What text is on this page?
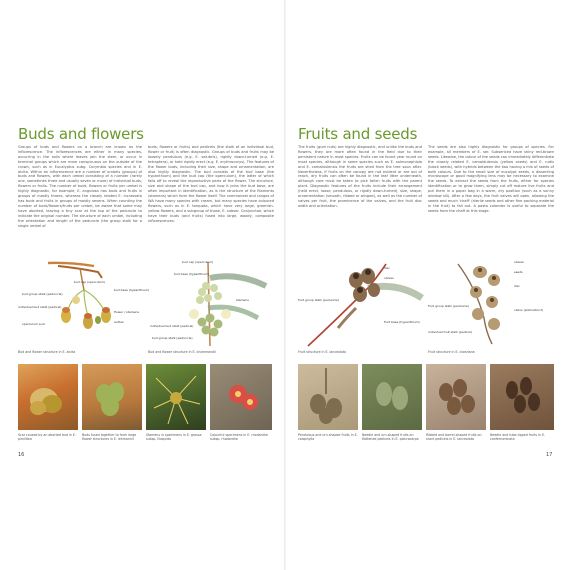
Buds and flowers
Groups of buds and flowers on a branch are known as the inflorescence. The inflorescences are either in many species, occurring in the axils where leaves join the stem, or occur in terminal groups which are more conspicuous on the outside of the crown, such as in Eucalyptus subg. Corymbia species and in E. alcita. Within an inflorescence are a number of umbels (groups) of buds and flowers, with each umbel consisting of a number (rarely one, sometimes three and usually seven or more) of individual buds, flowers or fruits. The number of buds, flowers or fruits per umbel is highly diagnostic, for example, E. angulosa has buds and fruits in groups of mostly threes, whereas the closely related E. incrassata has buds and fruits in groups of mostly sevens. When counting the number of buds/flowers/fruits per umbel, be aware that some may have aborted, leaving a tiny scar at the top of the peduncle to indicate the original number. The structure of each umbel, including the orientation and length of the peduncle (the group stalk for a single umbel of
buds, flowers or fruits) and pedicels (the stalk of an individual bud, flower or fruit) is often diagnostic. Groups of buds and fruits may be loosely pendulous (e.g. E. salubris), rigidly down-turned (e.g. E. tetraptera), or held rigidly erect (e.g. E. erythrocorys). The features of the flower buds, including their size, shape and ornamentation, are also highly diagnostic. The bud consists of the bud base (the hypanthium) and the bud cap (the operculum), the latter of which falls off to reveal the reproductive parts of the flower. The structure, size and shape of the bud cap, and how it joins the bud base, are often important in identification, as is the structure of the filaments (stamens) which form the flower itself. The commonest and ranges of WA have many species with cream, but many species have coloured flowers, such as in E. torquata, which have very large, greenish-yellow flowers, and a subgroup of those, E. subser. Conjunctae, which have their buds (and fruits) fused into large, woody, composite inflorescences.
bud cap (operculum)
bud group stalk (peduncle)
individual bud stalk (pedicel)
operculum scar
bud base (hypanthium)
flower / stamens
anther
Bud and flower structure in E. alcita
bud cap (operculum)
bud base (hypanthium)
stamens
individual bud stalk (pedicel)
bud group stalk (peduncle)
Bud and flower structure in E. drummondii
Scar caused by an aborted bud in E. pimilitea
Buds fused together to form large flower structures in E. lehmannii
Stamens in specimens in E. grossa subsp. illaquida
Colourful specimens in E. rhodanthe subsp. rhodanthe
16
Fruits and seeds
The fruits (gum nuts) are highly diagnostic, and unlike the buds and flowers, they are more often found in the field due to their persistent nature in most species. Fruits can be found year round on most species, although in some species such as E. salmonophloia and E. camaldulensis the fruits are shed from the tree soon after. Nevertheless, if fruits on the canopy are not evident or are out of reach, dry fruits can often be found in the leaf litter underneath, although care must be taken to pick fallen fruits with the parent plant. Diagnostic features of the fruits include their arrangement (held erect, loose, pendulous, or rigidly down-turned), size, shape, ornamentation (smooth, ribbed or winged), as well as the number of valves per fruit, the prominence of the valves, and the fruit disc width and orientation.
The seeds are also highly diagnostic for groups of species. For example, all members of E. ser. Subsericea have shiny red-brown seeds. Likewise, the colour of the seeds can immediately differentiate the closely related E. camaldulensis (yellow seeds) and E. rudis (black seeds), with hybrids between the two having a mix of seeds of both colours. Due to the small size of eucalypt seeds, a dissecting microscope or good magnifying lens may be necessary to examine the seeds. To extract the seeds from the fruits, either for species identification or to grow them, simply cut off mature live fruits and put them in a paper bag in a warm, dry position (such as a sunny window sill). After a few days, the fruit valves will open, allowing the seeds and much 'chaff' (sterile seeds and other fine packing material in the fruit) to fall out. A pasta colander is useful to separate the seeds from the chaff at this stage.
disc
valves
fruit group stalk (peduncle)
fruit base (hypanthium)
Fruit structure in E. lanceolata
valves
seeds
disc
fruit group stalk (peduncle)
callus (pollination?)
individual fruit stalk (pedicel)
Fruit structure in E. cloeziana
Pendulous and urn-shaped fruits in E. calophylla
Needle and urn-shaped fruits on flattened pedicels in E. pleurocarpa
Ribbed and barrel-shaped fruits on short pedicels in E. lanceolata
Needle and tube-tipped fruits in E. conferruminata
17
